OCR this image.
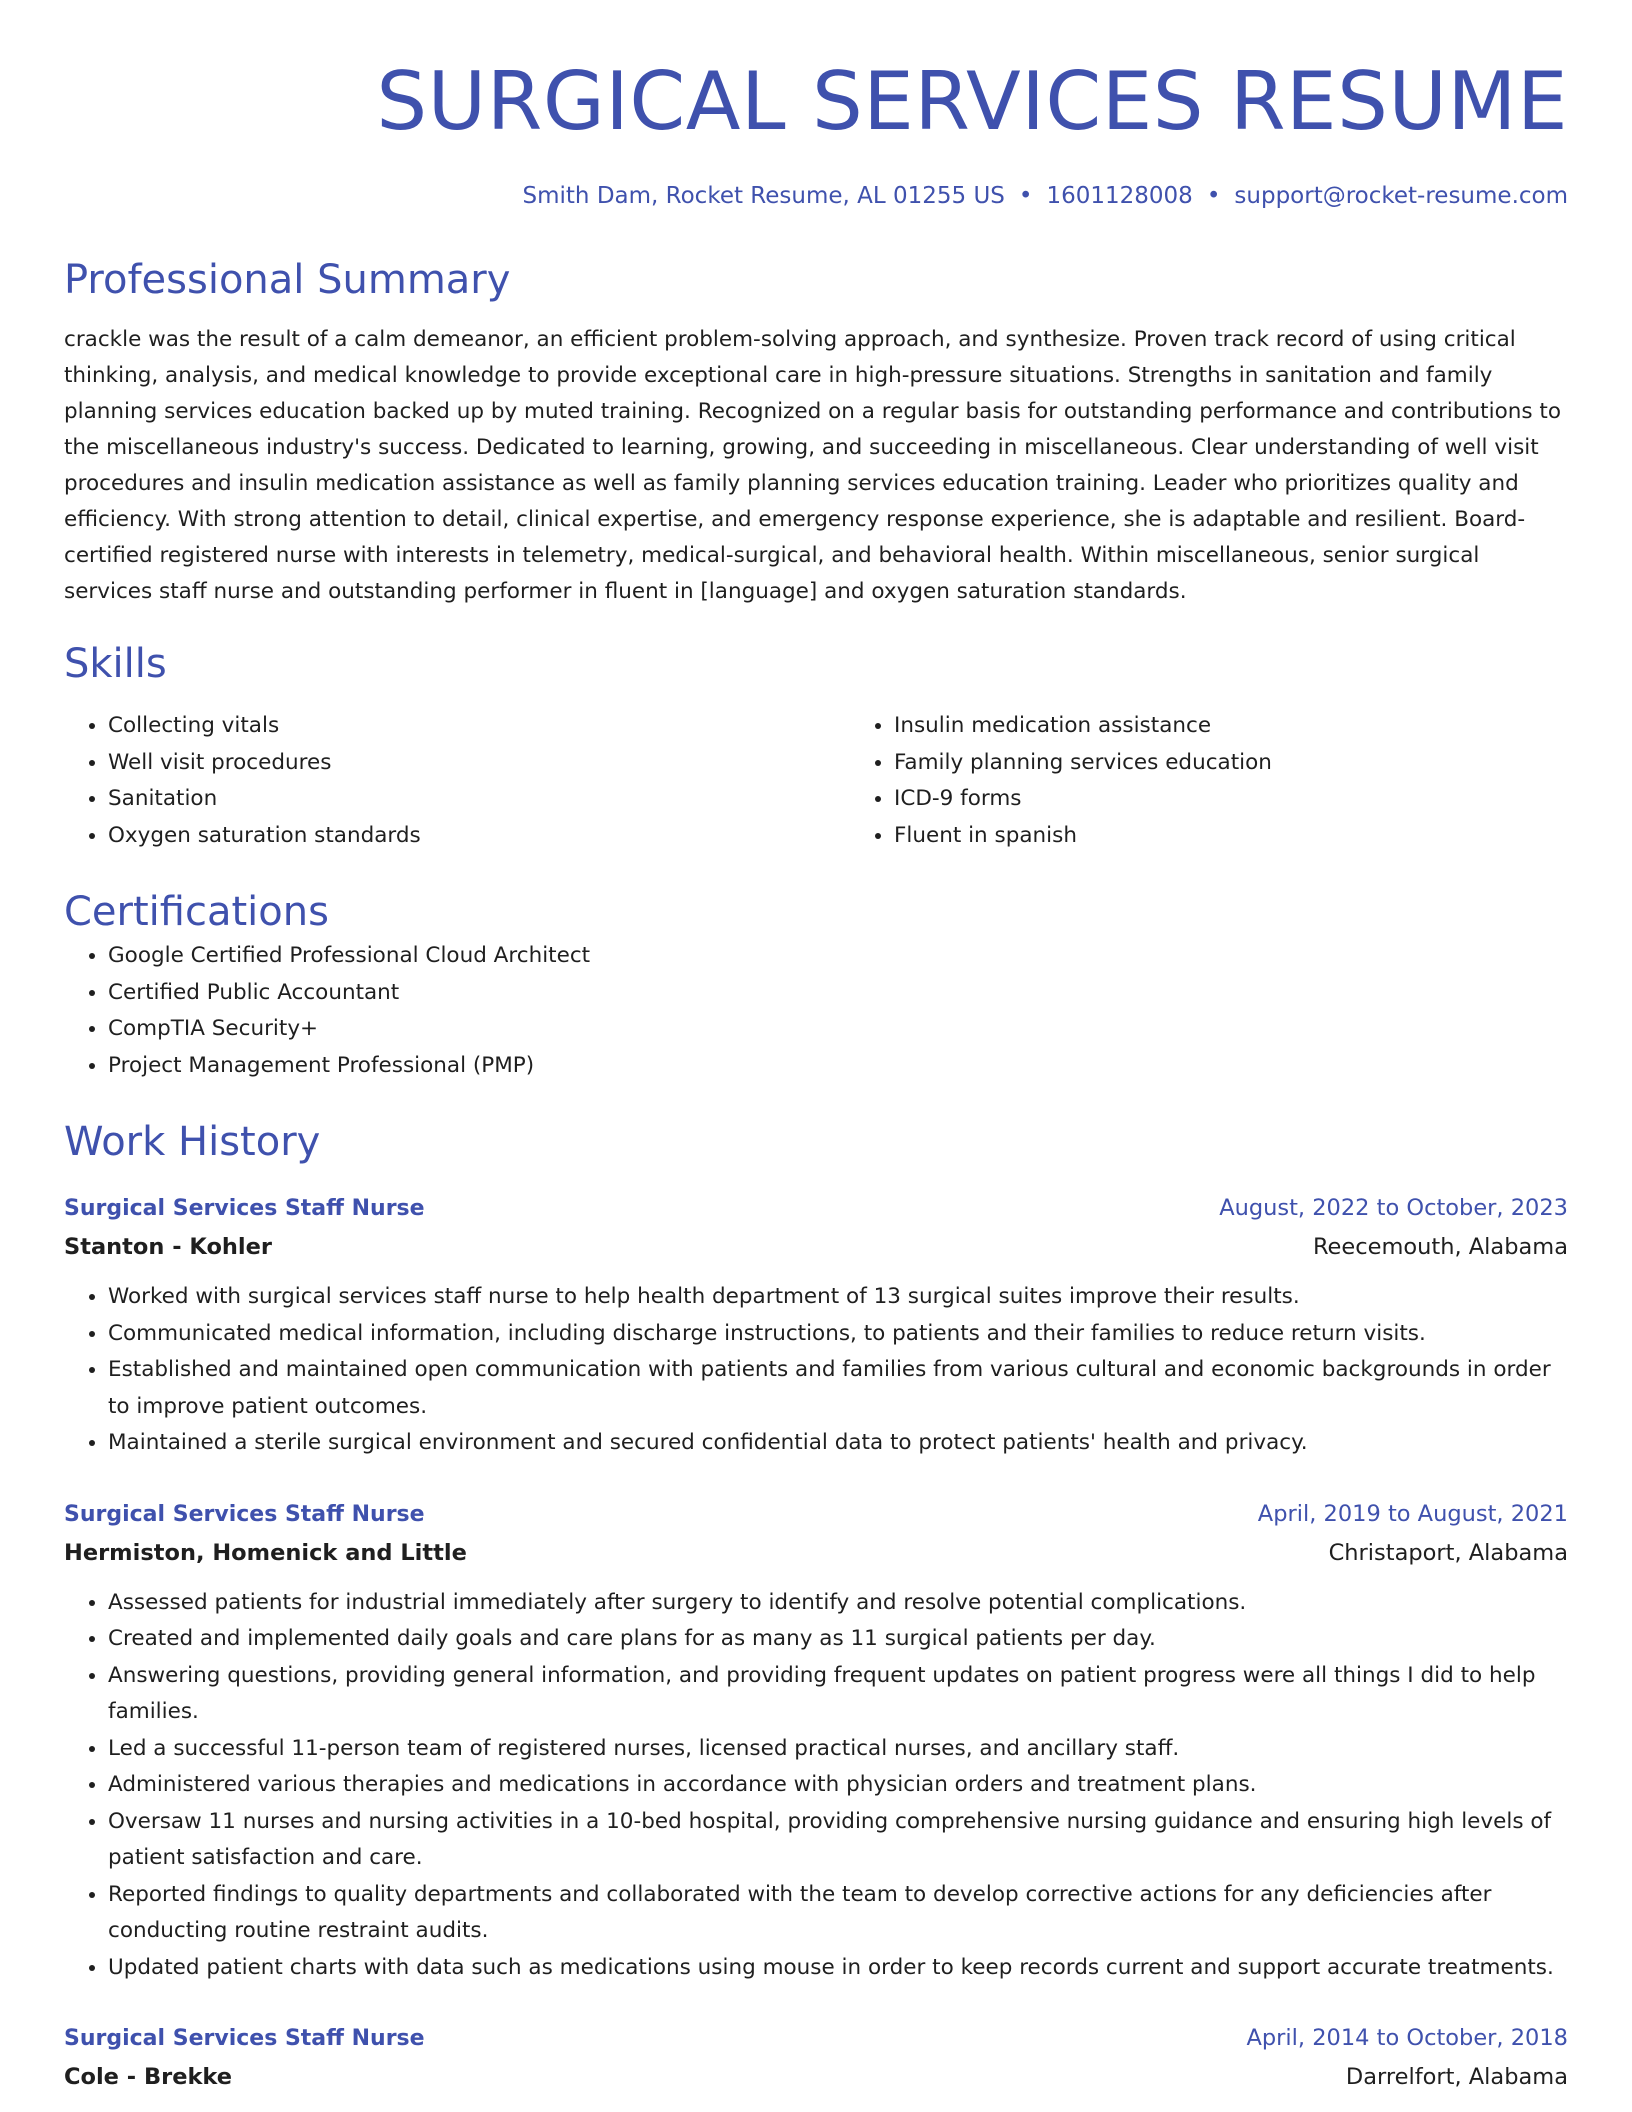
SURGICAL SERVICES RESUME
Smith Dam, Rocket Resume, AL 01255 US • 1601128008 • support@rocket-resume.com
Professional Summary

crackle was the result of a calm demeanor, an efficient problem-solving approach, and synthesize. Proven track record of using critical thinking, analysis, and medical knowledge to provide exceptional care in high-pressure situations. Strengths in sanitation and family planning services education backed up by muted training. Recognized on a regular basis for outstanding performance and contributions to the miscellaneous industry's success. Dedicated to learning, growing, and succeeding in miscellaneous. Clear understanding of well visit procedures and insulin medication assistance as well as family planning services education training. Leader who prioritizes quality and efficiency. With strong attention to detail, clinical expertise, and emergency response experience, she is adaptable and resilient. Board-certified registered nurse with interests in telemetry, medical-surgical, and behavioral health. Within miscellaneous, senior surgical services staff nurse and outstanding performer in fluent in [language] and oxygen saturation standards.

Skills
• Collecting vitals
• Well visit procedures
• Sanitation
• Oxygen saturation standards
• Insulin medication assistance
• Family planning services education
• ICD-9 forms
• Fluent in spanish
Certifications
• Google Certified Professional Cloud Architect
• Certified Public Accountant
• CompTIA Security+
• Project Management Professional (PMP)
Work History
Surgical Services Staff Nurse	August, 2022 to October, 2023
Stanton - Kohler	Reecemouth, Alabama
• Worked with surgical services staff nurse to help health department of 13 surgical suites improve their results.
• Communicated medical information, including discharge instructions, to patients and their families to reduce return visits.
• Established and maintained open communication with patients and families from various cultural and economic backgrounds in order to improve patient outcomes.
• Maintained a sterile surgical environment and secured confidential data to protect patients' health and privacy.
Surgical Services Staff Nurse	April, 2019 to August, 2021
Hermiston, Homenick and Little	Christaport, Alabama
• Assessed patients for industrial immediately after surgery to identify and resolve potential complications.
• Created and implemented daily goals and care plans for as many as 11 surgical patients per day.
• Answering questions, providing general information, and providing frequent updates on patient progress were all things I did to help families.
• Led a successful 11-person team of registered nurses, licensed practical nurses, and ancillary staff.
• Administered various therapies and medications in accordance with physician orders and treatment plans.
• Oversaw 11 nurses and nursing activities in a 10-bed hospital, providing comprehensive nursing guidance and ensuring high levels of patient satisfaction and care.
• Reported findings to quality departments and collaborated with the team to develop corrective actions for any deficiencies after conducting routine restraint audits.
• Updated patient charts with data such as medications using mouse in order to keep records current and support accurate treatments.
Surgical Services Staff Nurse	April, 2014 to October, 2018
Cole - Brekke	Darrelfort, Alabama
